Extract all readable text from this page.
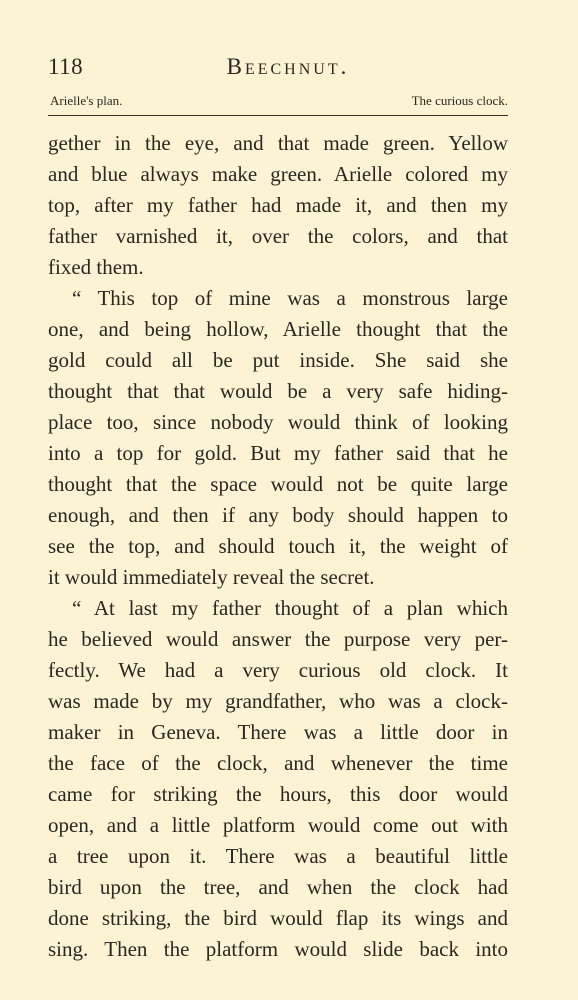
118	Beechnut.
Arielle's plan.	The curious clock.
gether in the eye, and that made green. Yellow
and blue always make green. Arielle colored my
top, after my father had made it, and then my
father varnished it, over the colors, and that
fixed them.
“ This top of mine was a monstrous large
one, and being hollow, Arielle thought that the
gold could all be put inside. She said she
thought that that would be a very safe hiding-
place too, since nobody would think of looking
into a top for gold. But my father said that he
thought that the space would not be quite large
enough, and then if any body should happen to
see the top, and should touch it, the weight of
it would immediately reveal the secret.
“ At last my father thought of a plan which
he believed would answer the purpose very per-
fectly. We had a very curious old clock. It
was made by my grandfather, who was a clock-
maker in Geneva. There was a little door in
the face of the clock, and whenever the time
came for striking the hours, this door would
open, and a little platform would come out with
a tree upon it. There was a beautiful little
bird upon the tree, and when the clock had
done striking, the bird would flap its wings and
sing. Then the platform would slide back into
